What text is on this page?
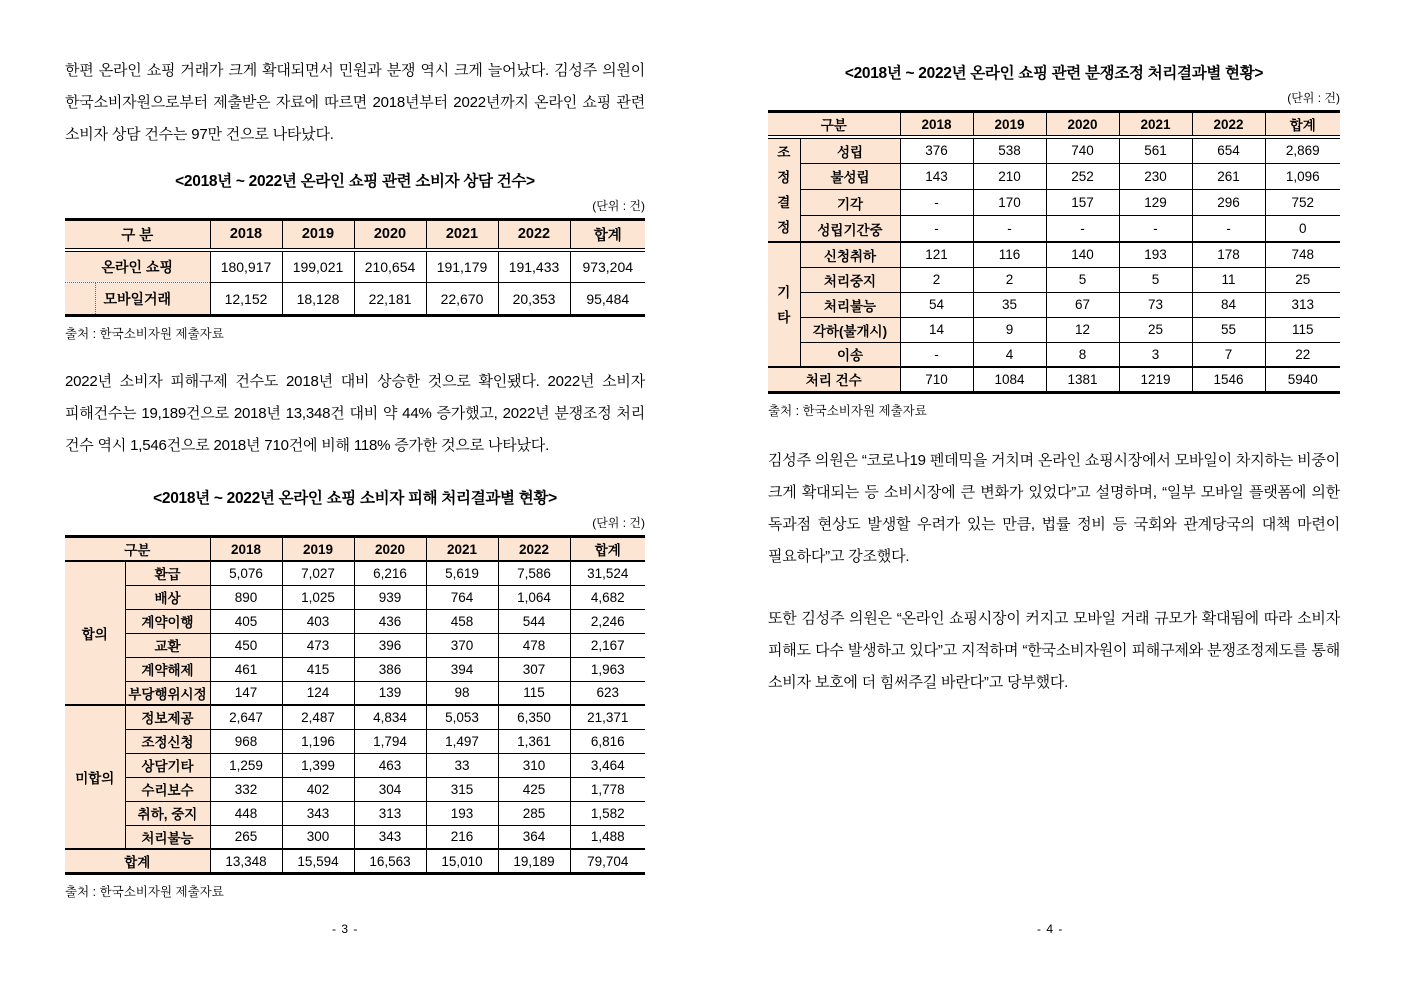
한편 온라인 쇼핑 거래가 크게 확대되면서 민원과 분쟁 역시 크게 늘어났다. 김성주 의원이 한국소비자원으로부터 제출받은 자료에 따르면 2018년부터 2022년까지 온라인 쇼핑 관련 소비자 상담 건수는 97만 건으로 나타났다.
<2018년 ~ 2022년 온라인 쇼핑 관련 소비자 상담 건수>
(단위 : 건)
구 분	2018	2019	2020	2021	2022	합계
온라인 쇼핑	180,917	199,021	210,654	191,179	191,433	973,204
모바일거래	12,152	18,128	22,181	22,670	20,353	95,484
출처 : 한국소비자원 제출자료
2022년 소비자 피해구제 건수도 2018년 대비 상승한 것으로 확인됐다. 2022년 소비자 피해건수는 19,189건으로 2018년 13,348건 대비 약 44% 증가했고, 2022년 분쟁조정 처리 건수 역시 1,546건으로 2018년 710건에 비해 118% 증가한 것으로 나타났다.
<2018년 ~ 2022년 온라인 쇼핑 소비자 피해 처리결과별 현황>
(단위 : 건)
구분		2018	2019	2020	2021	2022	합계

합의	환급	5,076	7,027	6,216	5,619	7,586	31,524
	배상	890	1,025	939	764	1,064	4,682
	계약이행	405	403	436	458	544	2,246
	교환	450	473	396	370	478	2,167
	계약해제	461	415	386	394	307	1,963
	부당행위시정	147	124	139	98	115	623

미합의	정보제공	2,647	2,487	4,834	5,053	6,350	21,371
	조정신청	968	1,196	1,794	1,497	1,361	6,816
	상담기타	1,259	1,399	463	33	310	3,464
	수리보수	332	402	304	315	425	1,778
	취하, 중지	448	343	313	193	285	1,582
	처리불능	265	300	343	216	364	1,488
합계		13,348	15,594	16,563	15,010	19,189	79,704
출처 : 한국소비자원 제출자료
<2018년 ~ 2022년 온라인 쇼핑 관련 분쟁조정 처리결과별 현황>
(단위 : 건)
구분		2018	2019	2020	2021	2022	합계

조정결정	성립	376	538	740	561	654	2,869
	불성립	143	210	252	230	261	1,096
	기각	-	170	157	129	296	752
	성립기간중	-	-	-	-	-	0

기타	신청취하	121	116	140	193	178	748
	처리중지	2	2	5	5	11	25
	처리불능	54	35	67	73	84	313
	각하(불개시)	14	9	12	25	55	115
	이송	-	4	8	3	7	22
처리 건수		710	1084	1381	1219	1546	5940
출처 : 한국소비자원 제출자료
김성주 의원은 “코로나19 펜데믹을 거치며 온라인 쇼핑시장에서 모바일이 차지하는 비중이 크게 확대되는 등 소비시장에 큰 변화가 있었다”고 설명하며, “일부 모바일 플랫폼에 의한 독과점 현상도 발생할 우려가 있는 만큼, 법률 정비 등 국회와 관계당국의 대책 마련이 필요하다”고 강조했다.
또한 김성주 의원은 “온라인 쇼핑시장이 커지고 모바일 거래 규모가 확대됨에 따라 소비자 피해도 다수 발생하고 있다”고 지적하며 “한국소비자원이 피해구제와 분쟁조정제도를 통해 소비자 보호에 더 힘써주길 바란다”고 당부했다.
- 3 -	- 4 -
